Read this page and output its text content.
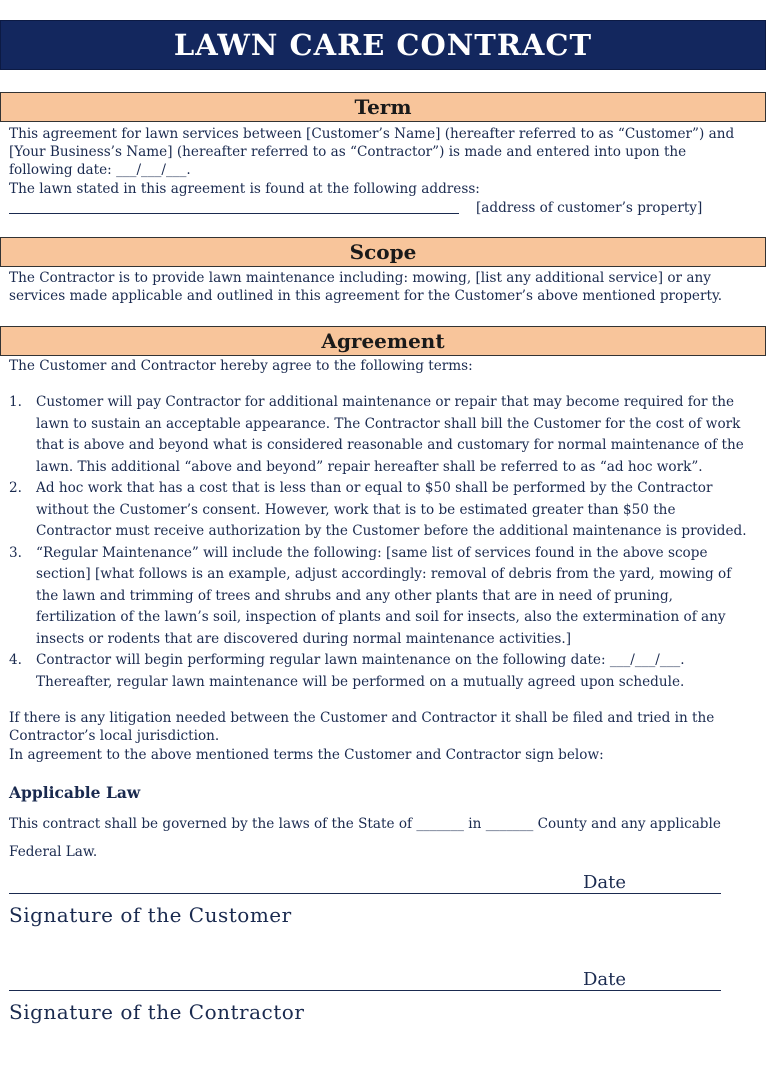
LAWN CARE CONTRACT
Term

This agreement for lawn services between [Customer’s Name] (hereafter referred to as “Customer”) and [Your Business’s Name] (hereafter referred to as “Contractor”) is made and entered into upon the following date: ___/___/___.

The lawn stated in this agreement is found at the following address:

[address of customer’s property]

Scope

The Contractor is to provide lawn maintenance including: mowing, [list any additional service] or any services made applicable and outlined in this agreement for the Customer’s above mentioned property.

Agreement

The Customer and Contractor hereby agree to the following terms:

1. Customer will pay Contractor for additional maintenance or repair that may become required for the lawn to sustain an acceptable appearance. The Contractor shall bill the Customer for the cost of work that is above and beyond what is considered reasonable and customary for normal maintenance of the lawn. This additional “above and beyond” repair hereafter shall be referred to as “ad hoc work”.
2. Ad hoc work that has a cost that is less than or equal to $50 shall be performed by the Contractor without the Customer’s consent. However, work that is to be estimated greater than $50 the Contractor must receive authorization by the Customer before the additional maintenance is provided.
3. “Regular Maintenance” will include the following: [same list of services found in the above scope section] [what follows is an example, adjust accordingly: removal of debris from the yard, mowing of the lawn and trimming of trees and shrubs and any other plants that are in need of pruning, fertilization of the lawn’s soil, inspection of plants and soil for insects, also the extermination of any insects or rodents that are discovered during normal maintenance activities.]
4. Contractor will begin performing regular lawn maintenance on the following date: ___/___/___. Thereafter, regular lawn maintenance will be performed on a mutually agreed upon schedule.

If there is any litigation needed between the Customer and Contractor it shall be filed and tried in the Contractor’s local jurisdiction.

In agreement to the above mentioned terms the Customer and Contractor sign below:

Applicable Law

This contract shall be governed by the laws of the State of _______ in _______ County and any applicable

Federal Law.

Date
Signature of the Customer
Date
Signature of the Contractor
